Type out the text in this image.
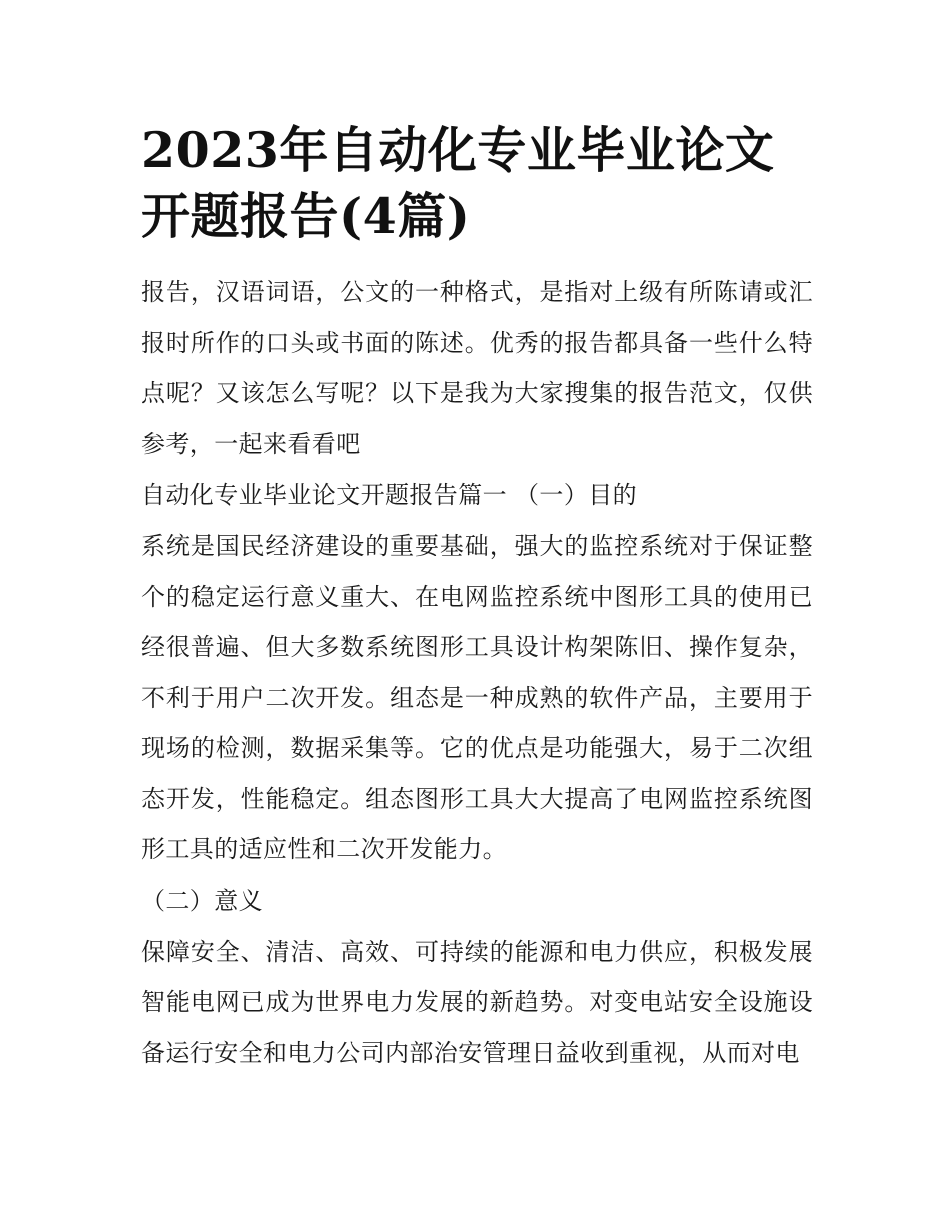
2023年自动化专业毕业论文开题报告(4篇)

报告，汉语词语，公文的一种格式，是指对上级有所陈请或汇报时所作的口头或书面的陈述。优秀的报告都具备一些什么特点呢？又该怎么写呢？以下是我为大家搜集的报告范文，仅供参考，一起来看看吧

自动化专业毕业论文开题报告篇一 （一）目的

系统是国民经济建设的重要基础，强大的监控系统对于保证整个的稳定运行意义重大、在电网监控系统中图形工具的使用已经很普遍、但大多数系统图形工具设计构架陈旧、操作复杂，不利于用户二次开发。组态是一种成熟的软件产品，主要用于现场的检测，数据采集等。它的优点是功能强大，易于二次组态开发，性能稳定。组态图形工具大大提高了电网监控系统图形工具的适应性和二次开发能力。

（二）意义

保障安全、清洁、高效、可持续的能源和电力供应，积极发展智能电网已成为世界电力发展的新趋势。对变电站安全设施设备运行安全和电力公司内部治安管理日益收到重视，从而对电
